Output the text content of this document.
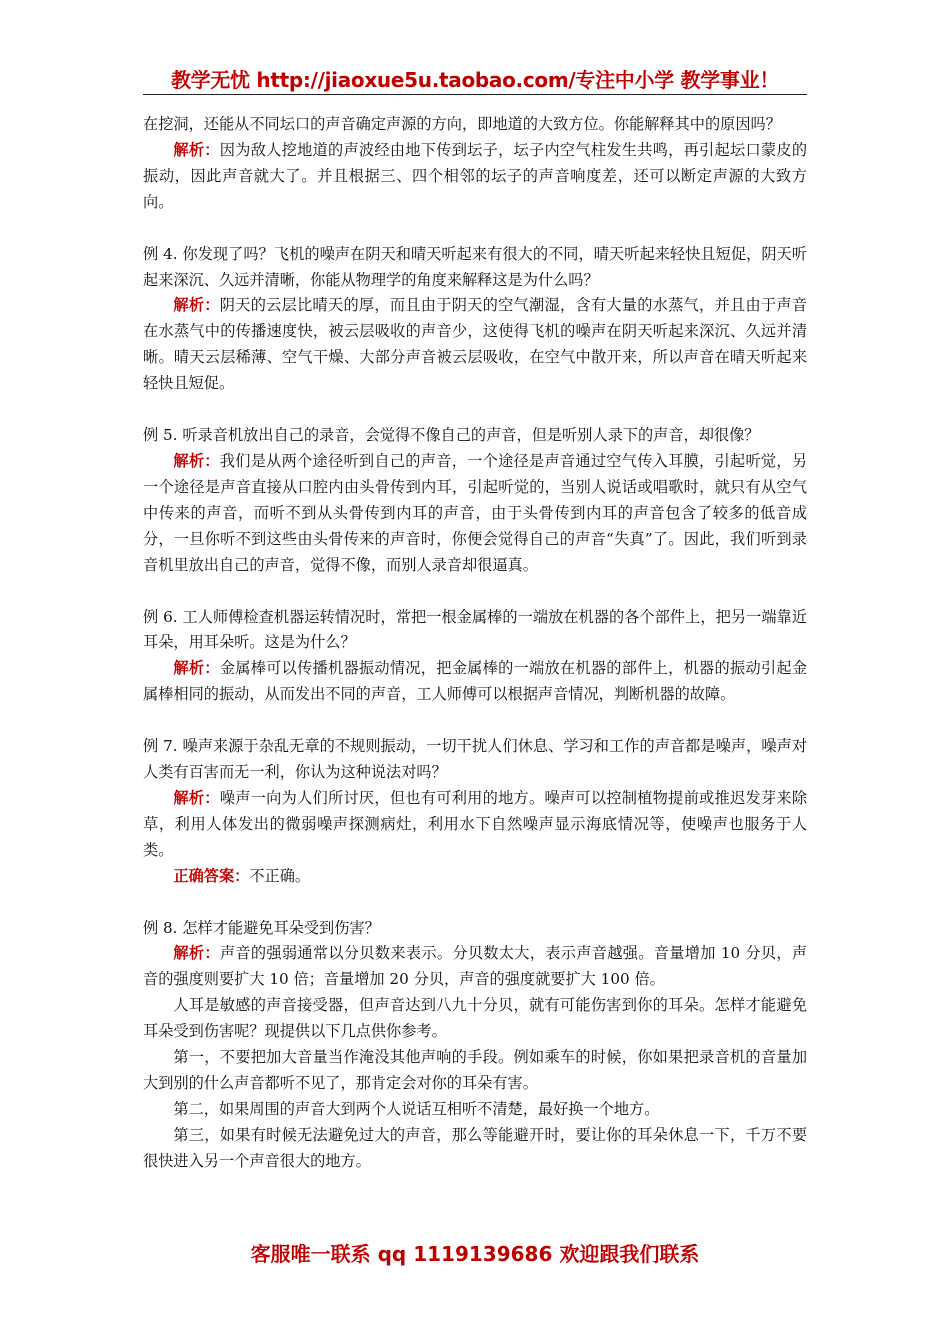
教学无忧 http://jiaoxue5u.taobao.com/专注中小学 教学事业！

在挖洞，还能从不同坛口的声音确定声源的方向，即地道的大致方位。你能解释其中的原因吗？

解析：因为敌人挖地道的声波经由地下传到坛子，坛子内空气柱发生共鸣，再引起坛口蒙皮的振动，因此声音就大了。并且根据三、四个相邻的坛子的声音响度差，还可以断定声源的大致方向。

例 4. 你发现了吗？飞机的噪声在阴天和晴天听起来有很大的不同，晴天听起来轻快且短促，阴天听起来深沉、久远并清晰，你能从物理学的角度来解释这是为什么吗？

解析：阴天的云层比晴天的厚，而且由于阴天的空气潮湿，含有大量的水蒸气，并且由于声音在水蒸气中的传播速度快，被云层吸收的声音少，这使得飞机的噪声在阴天听起来深沉、久远并清晰。晴天云层稀薄、空气干燥、大部分声音被云层吸收，在空气中散开来，所以声音在晴天听起来轻快且短促。

例 5. 听录音机放出自己的录音，会觉得不像自己的声音，但是听别人录下的声音，却很像？

解析：我们是从两个途径听到自己的声音，一个途径是声音通过空气传入耳膜，引起听觉，另一个途径是声音直接从口腔内由头骨传到内耳，引起听觉的，当别人说话或唱歌时，就只有从空气中传来的声音，而听不到从头骨传到内耳的声音，由于头骨传到内耳的声音包含了较多的低音成分，一旦你听不到这些由头骨传来的声音时，你便会觉得自己的声音“失真”了。因此，我们听到录音机里放出自己的声音，觉得不像，而别人录音却很逼真。

例 6. 工人师傅检查机器运转情况时，常把一根金属棒的一端放在机器的各个部件上，把另一端靠近耳朵，用耳朵听。这是为什么？

解析：金属棒可以传播机器振动情况，把金属棒的一端放在机器的部件上，机器的振动引起金属棒相同的振动，从而发出不同的声音，工人师傅可以根据声音情况，判断机器的故障。

例 7. 噪声来源于杂乱无章的不规则振动，一切干扰人们休息、学习和工作的声音都是噪声，噪声对人类有百害而无一利，你认为这种说法对吗？

解析：噪声一向为人们所讨厌，但也有可利用的地方。噪声可以控制植物提前或推迟发芽来除草，利用人体发出的微弱噪声探测病灶，利用水下自然噪声显示海底情况等，使噪声也服务于人类。

正确答案：不正确。

例 8. 怎样才能避免耳朵受到伤害？

解析：声音的强弱通常以分贝数来表示。分贝数太大，表示声音越强。音量增加 10 分贝，声音的强度则要扩大 10 倍；音量增加 20 分贝，声音的强度就要扩大 100 倍。

人耳是敏感的声音接受器，但声音达到八九十分贝，就有可能伤害到你的耳朵。怎样才能避免耳朵受到伤害呢？现提供以下几点供你参考。

第一，不要把加大音量当作淹没其他声响的手段。例如乘车的时候，你如果把录音机的音量加大到别的什么声音都听不见了，那肯定会对你的耳朵有害。

第二，如果周围的声音大到两个人说话互相听不清楚，最好换一个地方。

第三，如果有时候无法避免过大的声音，那么等能避开时，要让你的耳朵休息一下，千万不要很快进入另一个声音很大的地方。

客服唯一联系 qq 1119139686 欢迎跟我们联系
